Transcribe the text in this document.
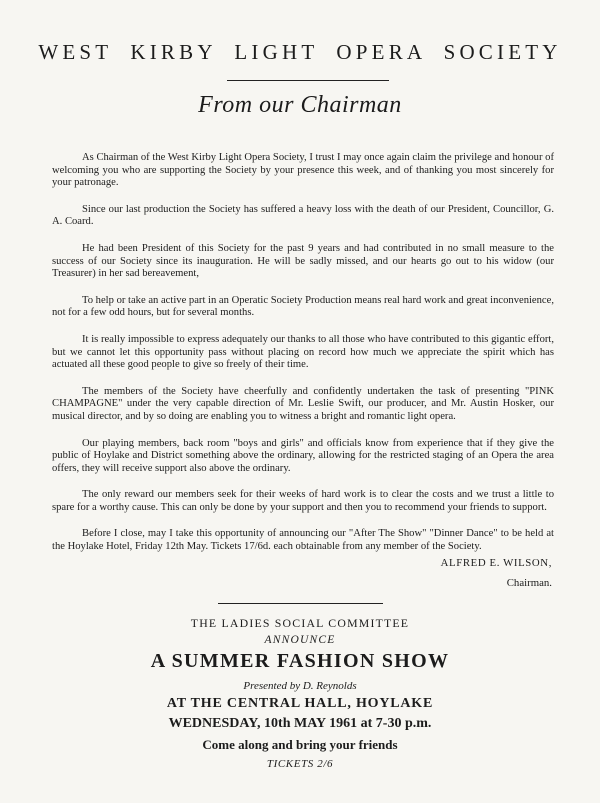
WEST KIRBY LIGHT OPERA SOCIETY
From our Chairman

As Chairman of the West Kirby Light Opera Society, I trust I may once again claim the privilege and honour of welcoming you who are supporting the Society by your presence this week, and of thanking you most sincerely for your patronage.

Since our last production the Society has suffered a heavy loss with the death of our President, Councillor, G. A. Coard.

He had been President of this Society for the past 9 years and had contributed in no small measure to the success of our Society since its inauguration. He will be sadly missed, and our hearts go out to his widow (our Treasurer) in her sad bereavement,

To help or take an active part in an Operatic Society Production means real hard work and great inconvenience, not for a few odd hours, but for several months.

It is really impossible to express adequately our thanks to all those who have contributed to this gigantic effort, but we cannot let this opportunity pass without placing on record how much we appreciate the spirit which has actuated all these good people to give so freely of their time.

The members of the Society have cheerfully and confidently undertaken the task of presenting "PINK CHAMPAGNE" under the very capable direction of Mr. Leslie Swift, our producer, and Mr. Austin Hosker, our musical director, and by so doing are enabling you to witness a bright and romantic light opera.

Our playing members, back room "boys and girls" and officials know from experience that if they give the public of Hoylake and District something above the ordinary, allowing for the restricted staging of an Opera the area offers, they will receive support also above the ordinary.

The only reward our members seek for their weeks of hard work is to clear the costs and we trust a little to spare for a worthy cause. This can only be done by your support and then you to recommend your friends to support.

Before I close, may I take this opportunity of announcing our "After The Show" "Dinner Dance" to be held at the Hoylake Hotel, Friday 12th May. Tickets 17/6d. each obtainable from any member of the Society.

ALFRED E. WILSON,
Chairman.
THE LADIES SOCIAL COMMITTEE
ANNOUNCE
A SUMMER FASHION SHOW
Presented by D. Reynolds
AT THE CENTRAL HALL, HOYLAKE
WEDNESDAY, 10th MAY 1961 at 7-30 p.m.
Come along and bring your friends
TICKETS 2/6
